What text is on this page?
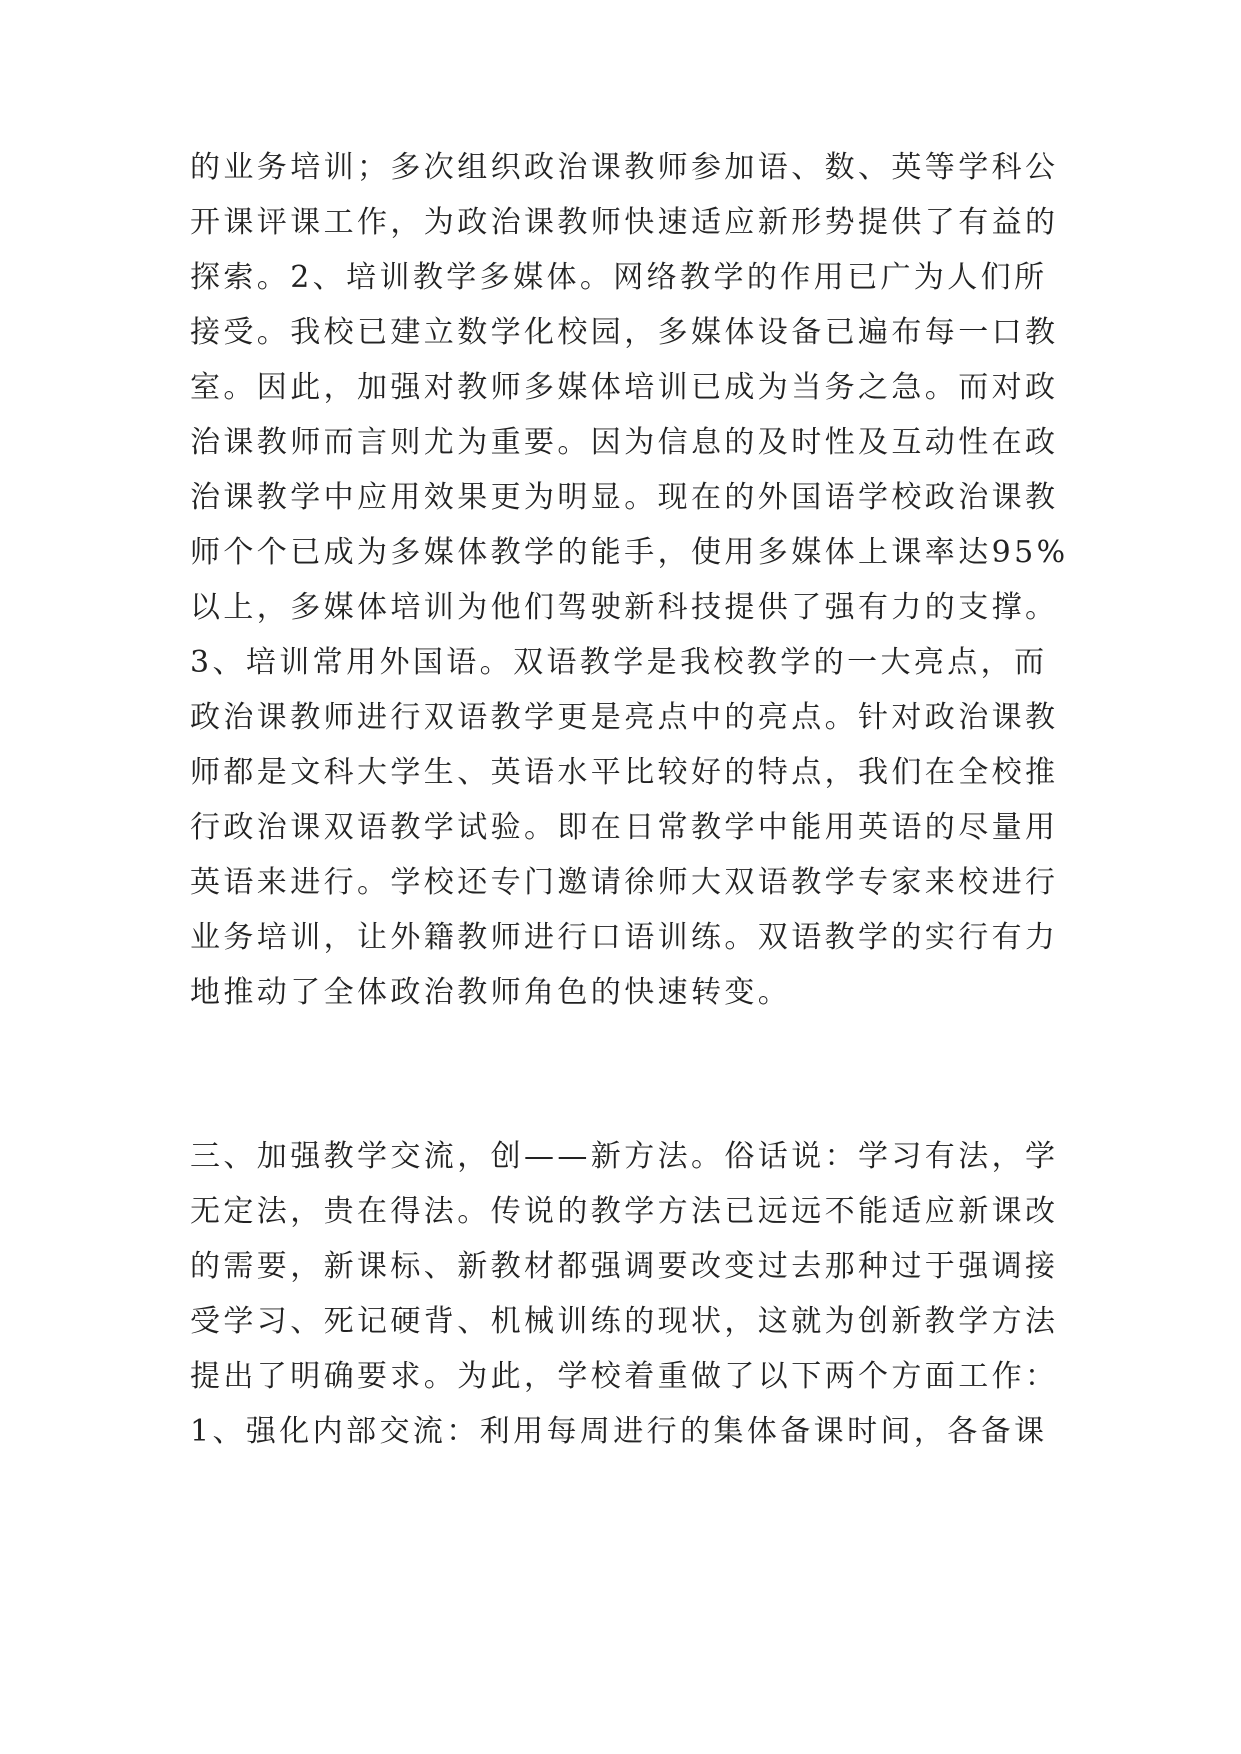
的业务培训；多次组织政治课教师参加语、数、英等学科公
开课评课工作，为政治课教师快速适应新形势提供了有益的
探索。2、培训教学多媒体。网络教学的作用已广为人们所
接受。我校已建立数学化校园，多媒体设备已遍布每一口教
室。因此，加强对教师多媒体培训已成为当务之急。而对政
治课教师而言则尤为重要。因为信息的及时性及互动性在政
治课教学中应用效果更为明显。现在的外国语学校政治课教
师个个已成为多媒体教学的能手，使用多媒体上课率达95%
以上，多媒体培训为他们驾驶新科技提供了强有力的支撑。
3、培训常用外国语。双语教学是我校教学的一大亮点，而
政治课教师进行双语教学更是亮点中的亮点。针对政治课教
师都是文科大学生、英语水平比较好的特点，我们在全校推
行政治课双语教学试验。即在日常教学中能用英语的尽量用
英语来进行。学校还专门邀请徐师大双语教学专家来校进行
业务培训，让外籍教师进行口语训练。双语教学的实行有力
地推动了全体政治教师角色的快速转变。
三、加强教学交流，创——新方法。俗话说：学习有法，学
无定法，贵在得法。传说的教学方法已远远不能适应新课改
的需要，新课标、新教材都强调要改变过去那种过于强调接
受学习、死记硬背、机械训练的现状，这就为创新教学方法
提出了明确要求。为此，学校着重做了以下两个方面工作：
1、强化内部交流：利用每周进行的集体备课时间，各备课
